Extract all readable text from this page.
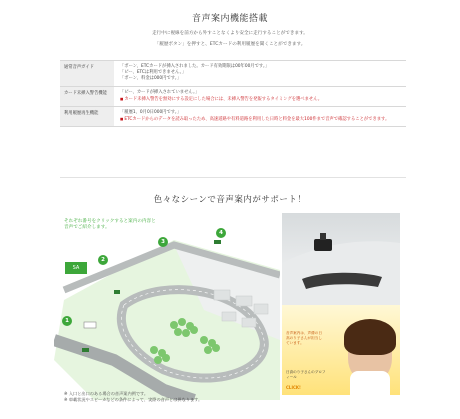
音声案内機能搭載
走行中に視線を前方から外すことなくより安全に走行することができます。
「履歴ボタン」を押すと、ETCカードの利用履歴を聞くことができます。
通常音声ガイド	「ポーン、ETCカードが挿入されました。カード有効期限は00年00月です。」
「ピー、ETCは利用できません。」
「ポーン、料金は000円です。」
カード未挿入警告機能	「ピー、カードが挿入されていません。」
■ カード未挿入警告を無効にする設定にした場合には、未挿入警告を発報するタイミングを選べません。
利用履歴再生機能	「履歴1、0月0日000円です。」
■ ETCカードからのデータを読み取ったため、高速道路や有料道路を利用した日時と料金を最大100件まで音声で確認することができます。
色々なシーンで音声案内がサポート！
それぞれ番号をクリックすると案内の内容と
音声でご紹介します。
SA
1
2
3
4
音声案内は、声優の日高のり子さんが担当しています。
日高のり子さんのプロフィール
CLICK!
※ 入口と出口のある場合の音声案内例です。
※ 車載状況やスピーカなどの条件によって、実際の音声とは異なります。
